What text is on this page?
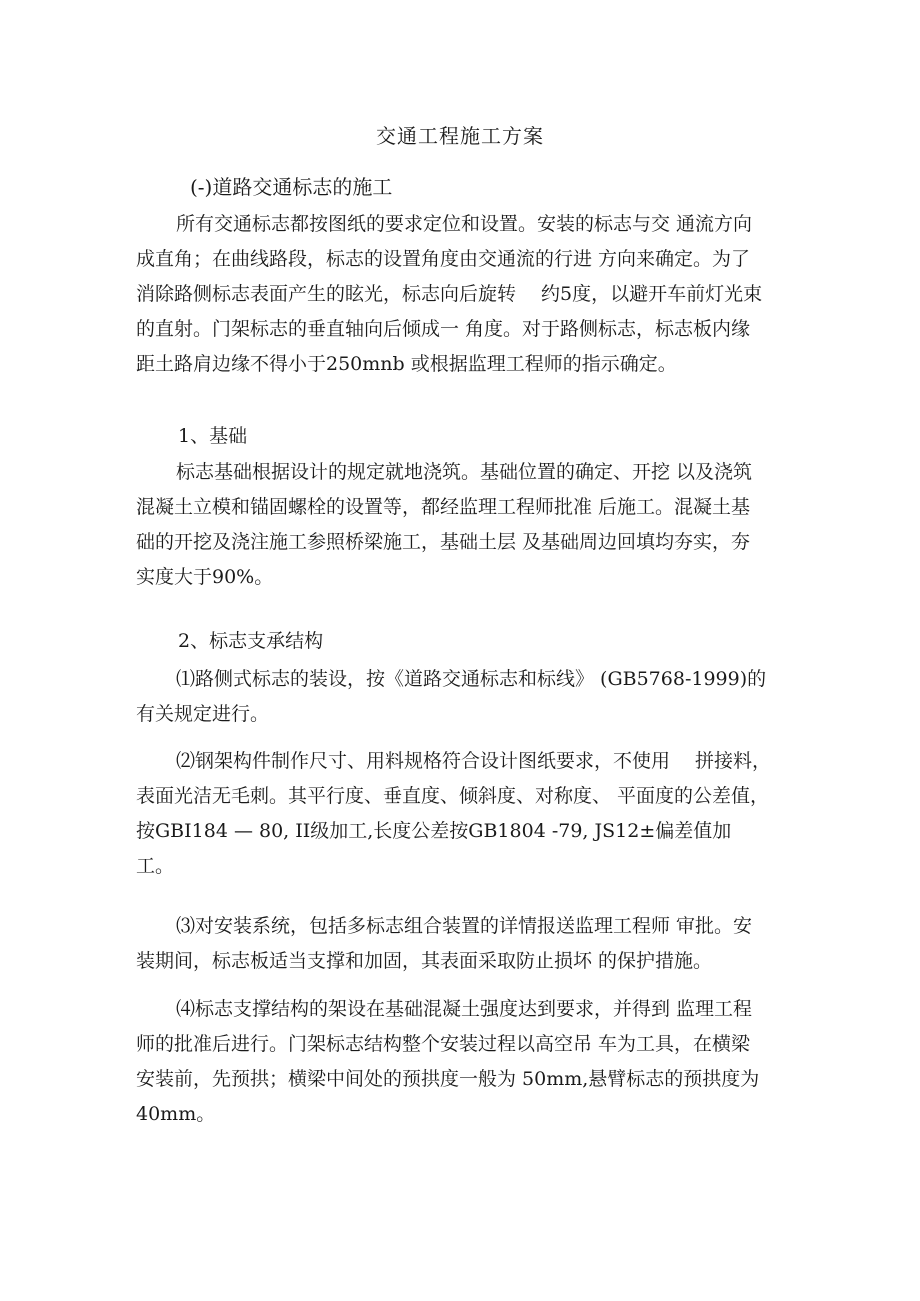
交通工程施工方案
(-)道路交通标志的施工
所有交通标志都按图纸的要求定位和设置。安装的标志与交 通流方向
成直角；在曲线路段，标志的设置角度由交通流的行进 方向来确定。为了
消除路侧标志表面产生的眩光，标志向后旋转　 约5度，以避开车前灯光束
的直射。门架标志的垂直轴向后倾成一 角度。对于路侧标志，标志板内缘
距土路肩边缘不得小于250mnb 或根据监理工程师的指示确定。
1、基础
标志基础根据设计的规定就地浇筑。基础位置的确定、开挖 以及浇筑
混凝土立模和锚固螺栓的设置等，都经监理工程师批准 后施工。混凝土基
础的开挖及浇注施工参照桥梁施工，基础土层 及基础周边回填均夯实，夯
实度大于90%。
2、标志支承结构
⑴路侧式标志的装设，按《道路交通标志和标线》 (GB5768-1999)的
有关规定进行。
⑵钢架构件制作尺寸、用料规格符合设计图纸要求，不使用　 拼接料，
表面光洁无毛刺。其平行度、垂直度、倾斜度、对称度、 平面度的公差值，
按GBI184 — 80, II级加工,长度公差按GB1804 -79, JS12±偏差值加
工。
⑶对安装系统，包括多标志组合装置的详情报送监理工程师 审批。安
装期间，标志板适当支撑和加固，其表面采取防止损坏 的保护措施。
⑷标志支撑结构的架设在基础混凝土强度达到要求，并得到 监理工程
师的批准后进行。门架标志结构整个安装过程以高空吊 车为工具，在横梁
安装前，先预拱；横梁中间处的预拱度一般为 50mm,悬臂标志的预拱度为
40mm。
